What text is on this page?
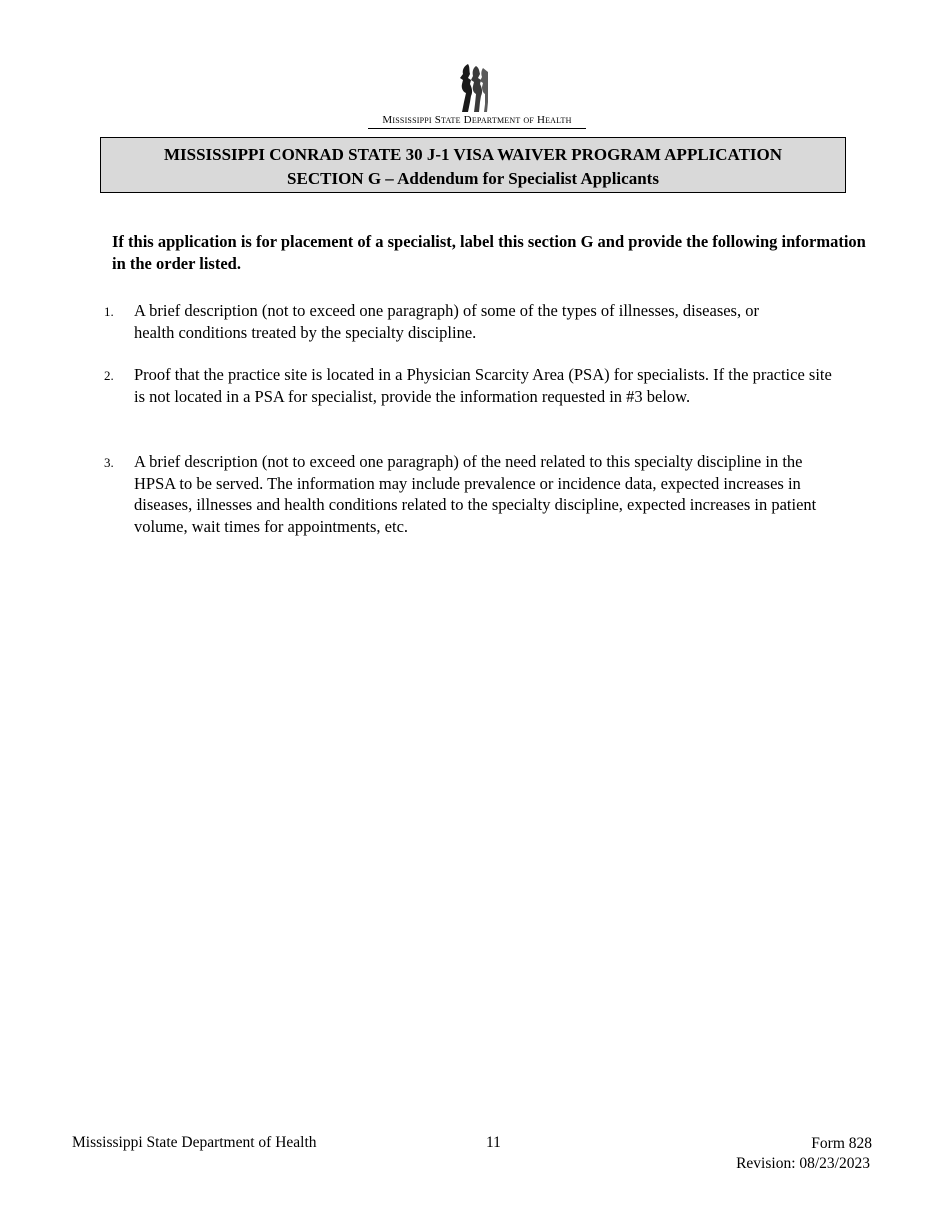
Mississippi State Department of Health
MISSISSIPPI CONRAD STATE 30 J-1 VISA WAIVER PROGRAM APPLICATION
SECTION G – Addendum for Specialist Applicants
If this application is for placement of a specialist, label this section G and provide the following information in the order listed.
1. A brief description (not to exceed one paragraph) of some of the types of illnesses, diseases, or health conditions treated by the specialty discipline.
2. Proof that the practice site is located in a Physician Scarcity Area (PSA) for specialists. If the practice site is not located in a PSA for specialist, provide the information requested in #3 below.
3. A brief description (not to exceed one paragraph) of the need related to this specialty discipline in the HPSA to be served. The information may include prevalence or incidence data, expected increases in diseases, illnesses and health conditions related to the specialty discipline, expected increases in patient volume, wait times for appointments, etc.
Mississippi State Department of Health	11	Form 828
Revision: 08/23/2023
